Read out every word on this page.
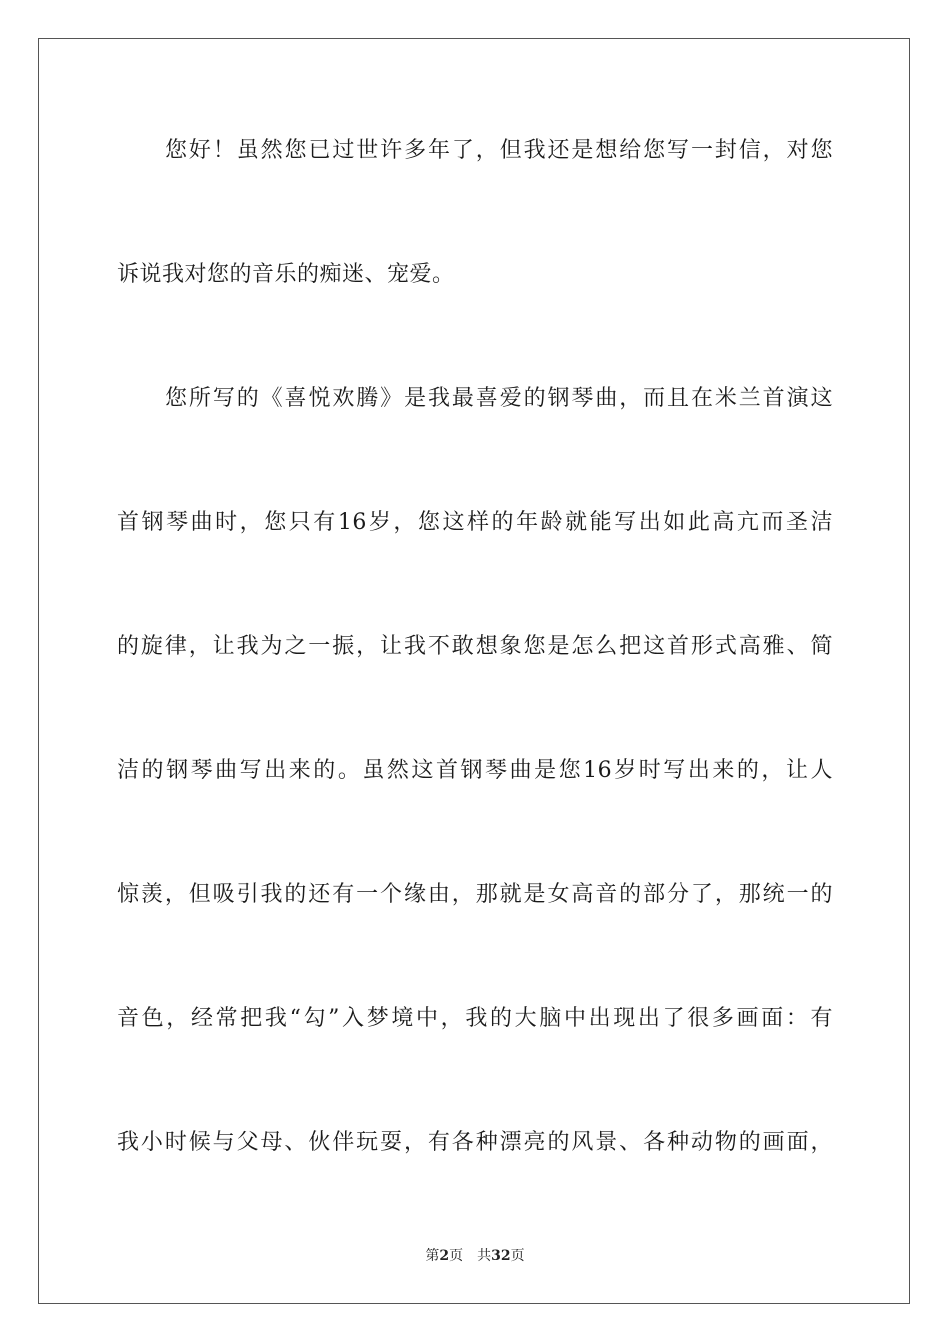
您好！虽然您已过世许多年了，但我还是想给您写一封信，对您
诉说我对您的音乐的痴迷、宠爱。
您所写的《喜悦欢腾》是我最喜爱的钢琴曲，而且在米兰首演这
首钢琴曲时，您只有16岁，您这样的年龄就能写出如此高亢而圣洁
的旋律，让我为之一振，让我不敢想象您是怎么把这首形式高雅、简
洁的钢琴曲写出来的。虽然这首钢琴曲是您16岁时写出来的，让人
惊羡，但吸引我的还有一个缘由，那就是女高音的部分了，那统一的
音色，经常把我“勾”入梦境中，我的大脑中出现出了很多画面：有
我小时候与父母、伙伴玩耍，有各种漂亮的风景、各种动物的画面，
第2页 共32页
